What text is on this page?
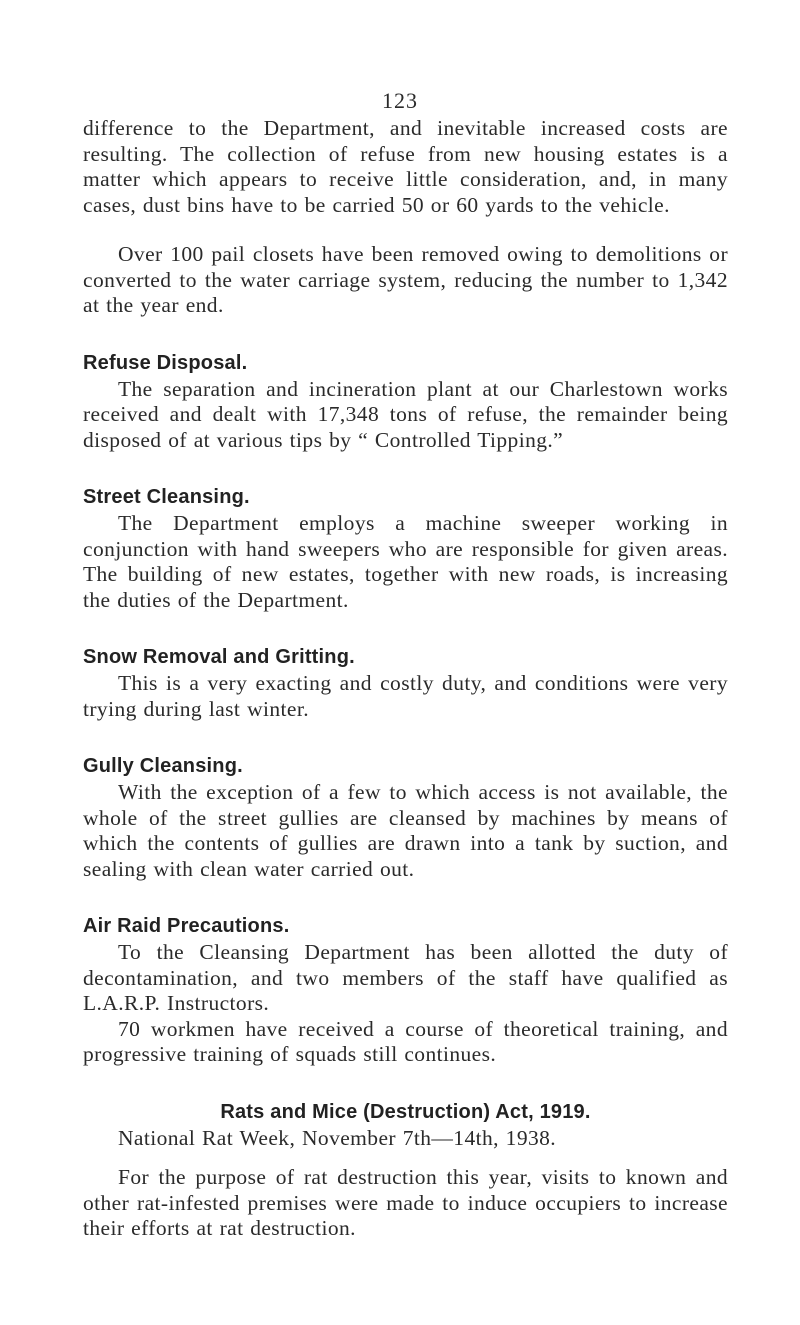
123

difference to the Department, and inevitable increased costs are resulting. The collection of refuse from new housing estates is a matter which appears to receive little consideration, and, in many cases, dust bins have to be carried 50 or 60 yards to the vehicle.

Over 100 pail closets have been removed owing to demolitions or converted to the water carriage system, reducing the number to 1,342 at the year end.

Refuse Disposal.

The separation and incineration plant at our Charlestown works received and dealt with 17,348 tons of refuse, the remainder being disposed of at various tips by “ Controlled Tipping.”

Street Cleansing.

The Department employs a machine sweeper working in conjunction with hand sweepers who are responsible for given areas. The building of new estates, together with new roads, is increasing the duties of the Department.

Snow Removal and Gritting.

This is a very exacting and costly duty, and conditions were very trying during last winter.

Gully Cleansing.

With the exception of a few to which access is not available, the whole of the street gullies are cleansed by machines by means of which the contents of gullies are drawn into a tank by suction, and sealing with clean water carried out.

Air Raid Precautions.

To the Cleansing Department has been allotted the duty of decontamination, and two members of the staff have qualified as L.A.R.P. Instructors.

70 workmen have received a course of theoretical training, and progressive training of squads still continues.

Rats and Mice (Destruction) Act, 1919.

National Rat Week, November 7th—14th, 1938.

For the purpose of rat destruction this year, visits to known and other rat-infested premises were made to induce occupiers to increase their efforts at rat destruction.
